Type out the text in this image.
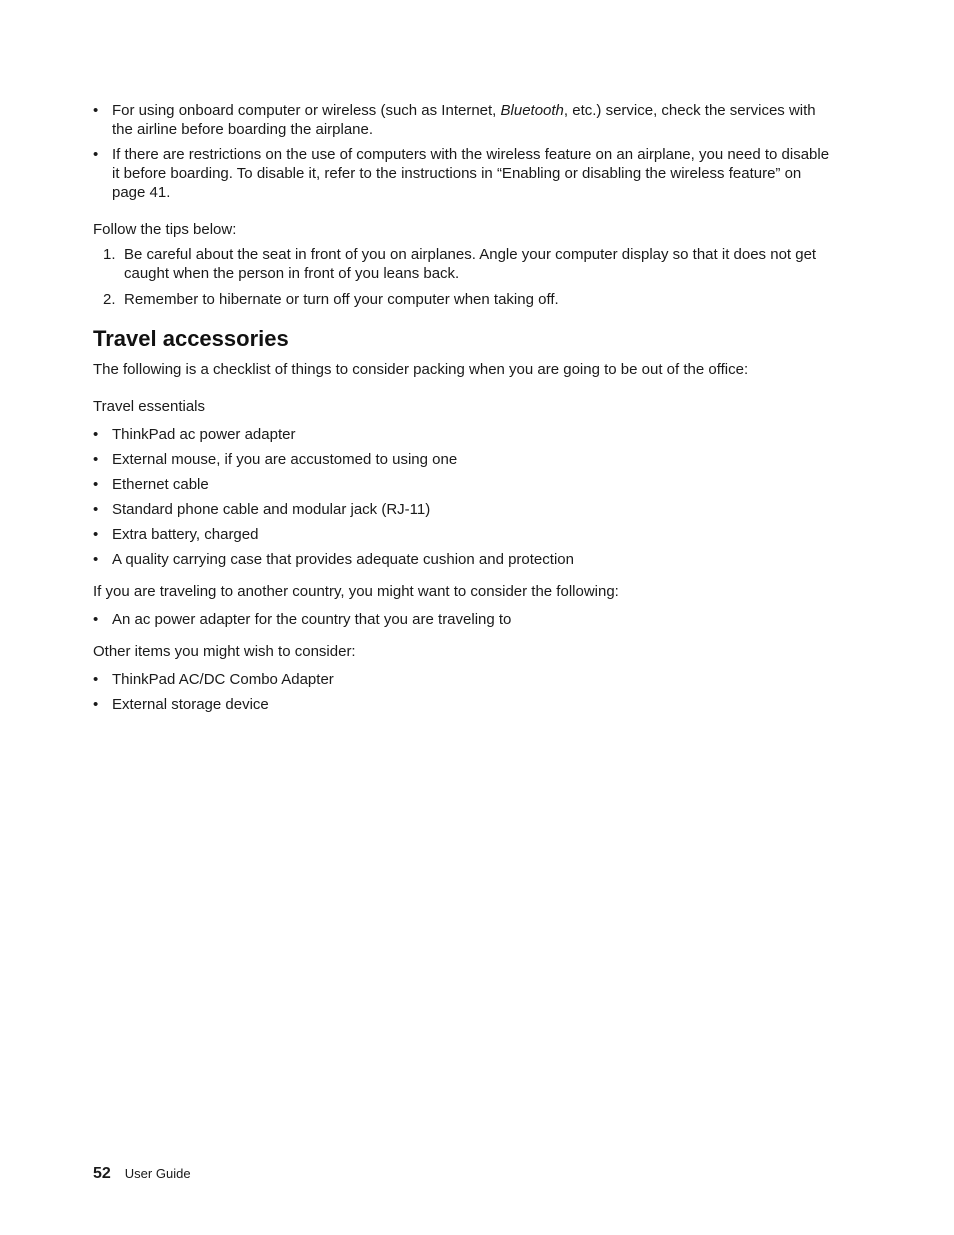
• For using onboard computer or wireless (such as Internet, Bluetooth, etc.) service, check the services with the airline before boarding the airplane.
• If there are restrictions on the use of computers with the wireless feature on an airplane, you need to disable it before boarding. To disable it, refer to the instructions in “Enabling or disabling the wireless feature” on page 41.

Follow the tips below:

1. Be careful about the seat in front of you on airplanes. Angle your computer display so that it does not get caught when the person in front of you leans back.
2. Remember to hibernate or turn off your computer when taking off.
Travel accessories

The following is a checklist of things to consider packing when you are going to be out of the office:

Travel essentials

• ThinkPad ac power adapter
• External mouse, if you are accustomed to using one
• Ethernet cable
• Standard phone cable and modular jack (RJ-11)
• Extra battery, charged
• A quality carrying case that provides adequate cushion and protection

If you are traveling to another country, you might want to consider the following:

• An ac power adapter for the country that you are traveling to

Other items you might wish to consider:

• ThinkPad AC/DC Combo Adapter
• External storage device
52 User Guide
